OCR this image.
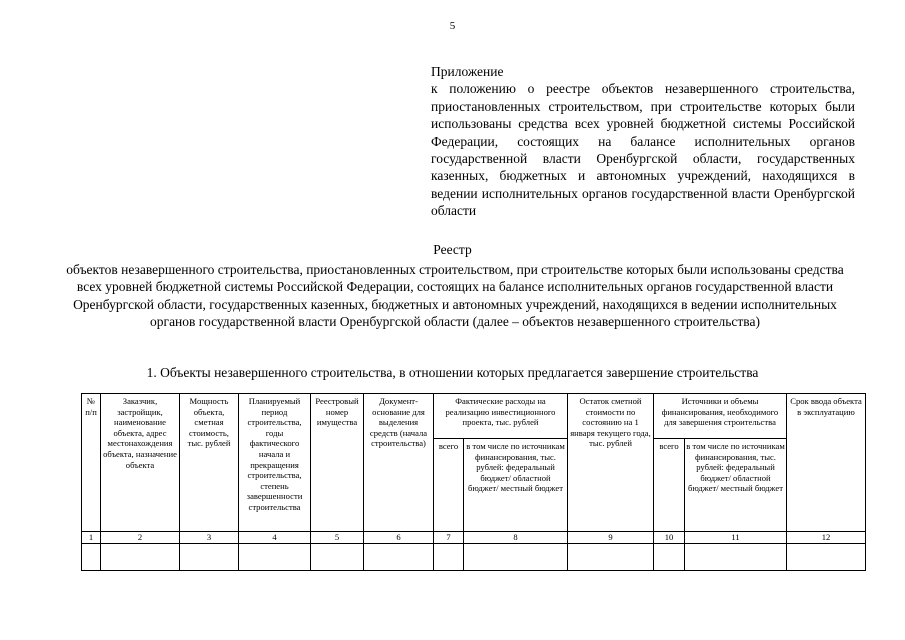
5
Приложение
к положению о реестре объектов незавершенного строительства, приостановленных строительством, при строительстве которых были использованы средства всех уровней бюджетной системы Российской Федерации, состоящих на балансе исполнительных органов государственной власти Оренбургской области, государственных казенных, бюджетных и автономных учреждений, находящихся в ведении исполнительных органов государственной власти Оренбургской области
Реестр
объектов незавершенного строительства, приостановленных строительством, при строительстве которых были использованы средства всех уровней бюджетной системы Российской Федерации, состоящих на балансе исполнительных органов государственной власти Оренбургской области, государственных казенных, бюджетных и автономных учреждений, находящихся в ведении исполнительных органов государственной власти Оренбургской области (далее – объектов незавершенного строительства)
1. Объекты незавершенного строительства, в отношении которых предлагается завершение строительства
№ п/п	Заказчик, застройщик, наименование объекта, адрес местонахождения объекта, назначение объекта	Мощность объекта, сметная стоимость, тыс. рублей	Планируемый период строительства, годы фактического начала и прекращения строительства, степень завершенности строительства	Реестровый номер имущества	Документ-основание для выделения средств (начала строительства)	Фактические расходы на реализацию инвестиционного проекта, тыс. рублей		Остаток сметной стоимости по состоянию на 1 января текущего года, тыс. рублей	Источники и объемы финансирования, необходимого для завершения строительства		Срок ввода объекта в эксплуатацию
						всего	в том числе по источникам финансирования, тыс. рублей: федеральный бюджет/ областной бюджет/ местный бюджет		всего	в том числе по источникам финансирования, тыс. рублей: федеральный бюджет/ областной бюджет/ местный бюджет	
1	2	3	4	5	6	7	8	9	10	11	12
